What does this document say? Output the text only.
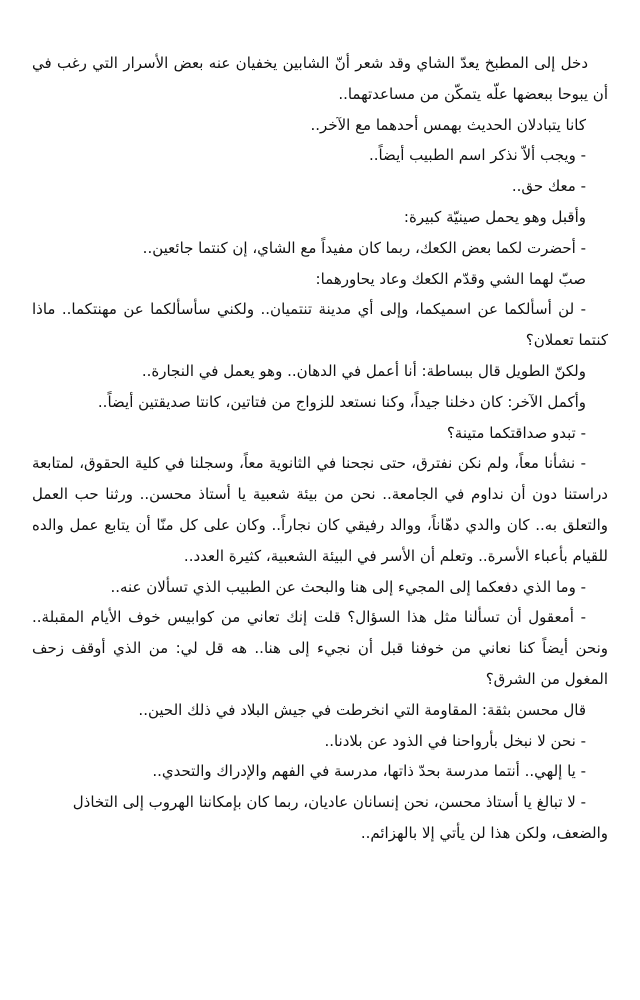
دخل إلى المطبخ يعدّ الشاي وقد شعر أنّ الشابين يخفيان عنه بعض الأسرار التي رغب في أن يبوحا ببعضها علّه يتمكّن من مساعدتهما..

كانا يتبادلان الحديث بهمس أحدهما مع الآخر..

- ويجب ألاّ نذكر اسم الطبيب أيضاً..

- معك حق..

وأقبل وهو يحمل صينيّة كبيرة:

- أحضرت لكما بعض الكعك، ربما كان مفيداً مع الشاي، إن كنتما جائعين..

صبّ لهما الشي وقدّم الكعك وعاد يحاورهما:

- لن أسألكما عن اسميكما، وإلى أي مدينة تنتميان.. ولكني سأسألكما عن مهنتكما.. ماذا كنتما تعملان؟

ولكنّ الطويل قال ببساطة: أنا أعمل في الدهان.. وهو يعمل في النجارة..

وأكمل الآخر: كان دخلنا جيداً، وكنا نستعد للزواج من فتاتين، كانتا صديقتين أيضاً..

- تبدو صداقتكما متينة؟

- نشأنا معاً، ولم نكن نفترق، حتى نجحنا في الثانوية معاً، وسجلنا في كلية الحقوق، لمتابعة دراستنا دون أن نداوم في الجامعة.. نحن من بيئة شعبية يا أستاذ محسن.. ورثنا حب العمل والتعلق به.. كان والدي دهّاناً، ووالد رفيقي كان نجاراً.. وكان على كل منّا أن يتابع عمل والده للقيام بأعباء الأسرة.. وتعلم أن الأسر في البيئة الشعبية، كثيرة العدد..

- وما الذي دفعكما إلى المجيء إلى هنا والبحث عن الطبيب الذي تسألان عنه..

- أمعقول أن تسألنا مثل هذا السؤال؟ قلت إنك تعاني من كوابيس خوف الأيام المقبلة.. ونحن أيضاً كنا نعاني من خوفنا قبل أن نجيء إلى هنا.. هه قل لي: من الذي أوقف زحف المغول من الشرق؟

قال محسن بثقة: المقاومة التي انخرطت في جيش البلاد في ذلك الحين..

- نحن لا نبخل بأرواحنا في الذود عن بلادنا..

- يا إلهي.. أنتما مدرسة بحدّ ذاتها، مدرسة في الفهم والإدراك والتحدي..

- لا تبالغ يا أستاذ محسن، نحن إنسانان عاديان، ربما كان بإمكاننا الهروب إلى التخاذل والضعف، ولكن هذا لن يأتي إلا بالهزائم..
